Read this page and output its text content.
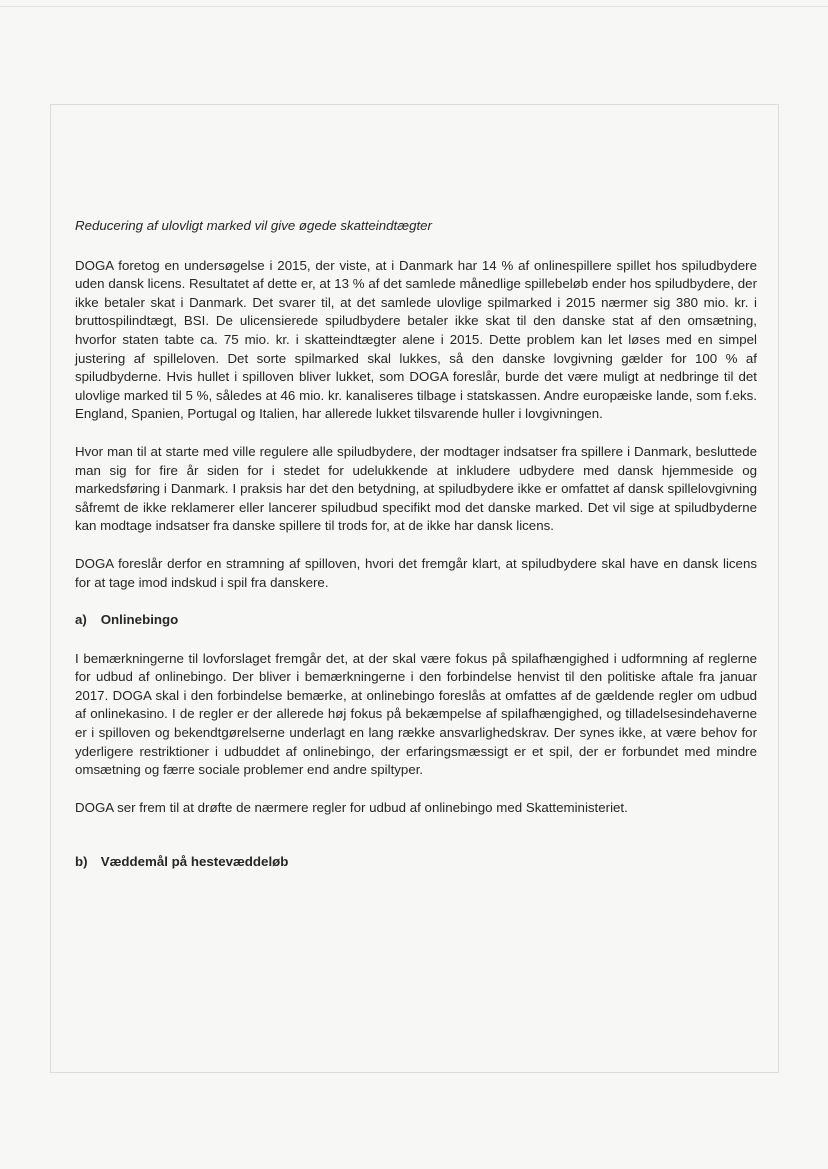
Reducering af ulovligt marked vil give øgede skatteindtægter

DOGA foretog en undersøgelse i 2015, der viste, at i Danmark har 14 % af onlinespillere spillet hos spiludbydere uden dansk licens. Resultatet af dette er, at 13 % af det samlede månedlige spillebeløb ender hos spiludbydere, der ikke betaler skat i Danmark. Det svarer til, at det samlede ulovlige spilmarked i 2015 nærmer sig 380 mio. kr. i bruttospilindtægt, BSI. De ulicensierede spiludbydere betaler ikke skat til den danske stat af den omsætning, hvorfor staten tabte ca. 75 mio. kr. i skatteindtægter alene i 2015. Dette problem kan let løses med en simpel justering af spilleloven. Det sorte spilmarked skal lukkes, så den danske lovgivning gælder for 100 % af spiludbyderne. Hvis hullet i spilloven bliver lukket, som DOGA foreslår, burde det være muligt at nedbringe til det ulovlige marked til 5 %, således at 46 mio. kr. kanaliseres tilbage i statskassen. Andre europæiske lande, som f.eks. England, Spanien, Portugal og Italien, har allerede lukket tilsvarende huller i lovgivningen.

Hvor man til at starte med ville regulere alle spiludbydere, der modtager indsatser fra spillere i Danmark, besluttede man sig for fire år siden for i stedet for udelukkende at inkludere udbydere med dansk hjemmeside og markedsføring i Danmark. I praksis har det den betydning, at spiludbydere ikke er omfattet af dansk spillelovgivning såfremt de ikke reklamerer eller lancerer spiludbud specifikt mod det danske marked. Det vil sige at spiludbyderne kan modtage indsatser fra danske spillere til trods for, at de ikke har dansk licens.

DOGA foreslår derfor en stramning af spilloven, hvori det fremgår klart, at spiludbydere skal have en dansk licens for at tage imod indskud i spil fra danskere.

a) Onlinebingo

I bemærkningerne til lovforslaget fremgår det, at der skal være fokus på spilafhængighed i udformning af reglerne for udbud af onlinebingo. Der bliver i bemærkningerne i den forbindelse henvist til den politiske aftale fra januar 2017. DOGA skal i den forbindelse bemærke, at onlinebingo foreslås at omfattes af de gældende regler om udbud af onlinekasino. I de regler er der allerede høj fokus på bekæmpelse af spilafhængighed, og tilladelsesindehaverne er i spilloven og bekendtgørelserne underlagt en lang række ansvarlighedskrav. Der synes ikke, at være behov for yderligere restriktioner i udbuddet af onlinebingo, der erfaringsmæssigt er et spil, der er forbundet med mindre omsætning og færre sociale problemer end andre spiltyper.

DOGA ser frem til at drøfte de nærmere regler for udbud af onlinebingo med Skatteministeriet.

b) Væddemål på hestevæddeløb
